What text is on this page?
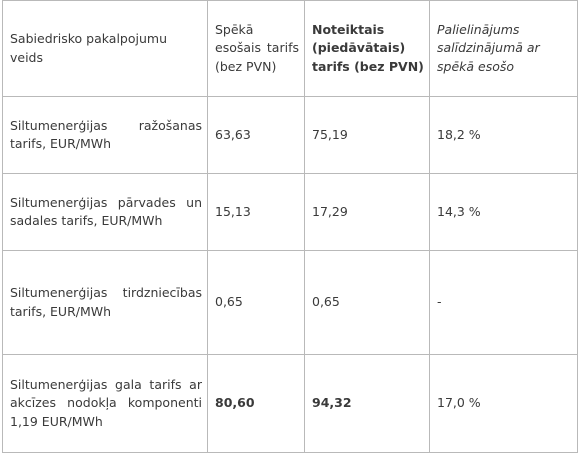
Sabiedrisko pakalpojumu veids	Spēkā esošais tarifs (bez PVN)	Noteiktais (piedāvātais) tarifs (bez PVN)	Palielinājums salīdzinājumā ar spēkā esošo
Siltumenerģijas ražošanas tarifs, EUR/MWh	63,63	75,19	18,2 %
Siltumenerģijas pārvades un sadales tarifs, EUR/MWh	15,13	17,29	14,3 %
Siltumenerģijas tirdzniecības tarifs, EUR/MWh	0,65	0,65	-
Siltumenerģijas gala tarifs ar akcīzes nodokļa komponenti 1,19 EUR/MWh	80,60	94,32	17,0 %
